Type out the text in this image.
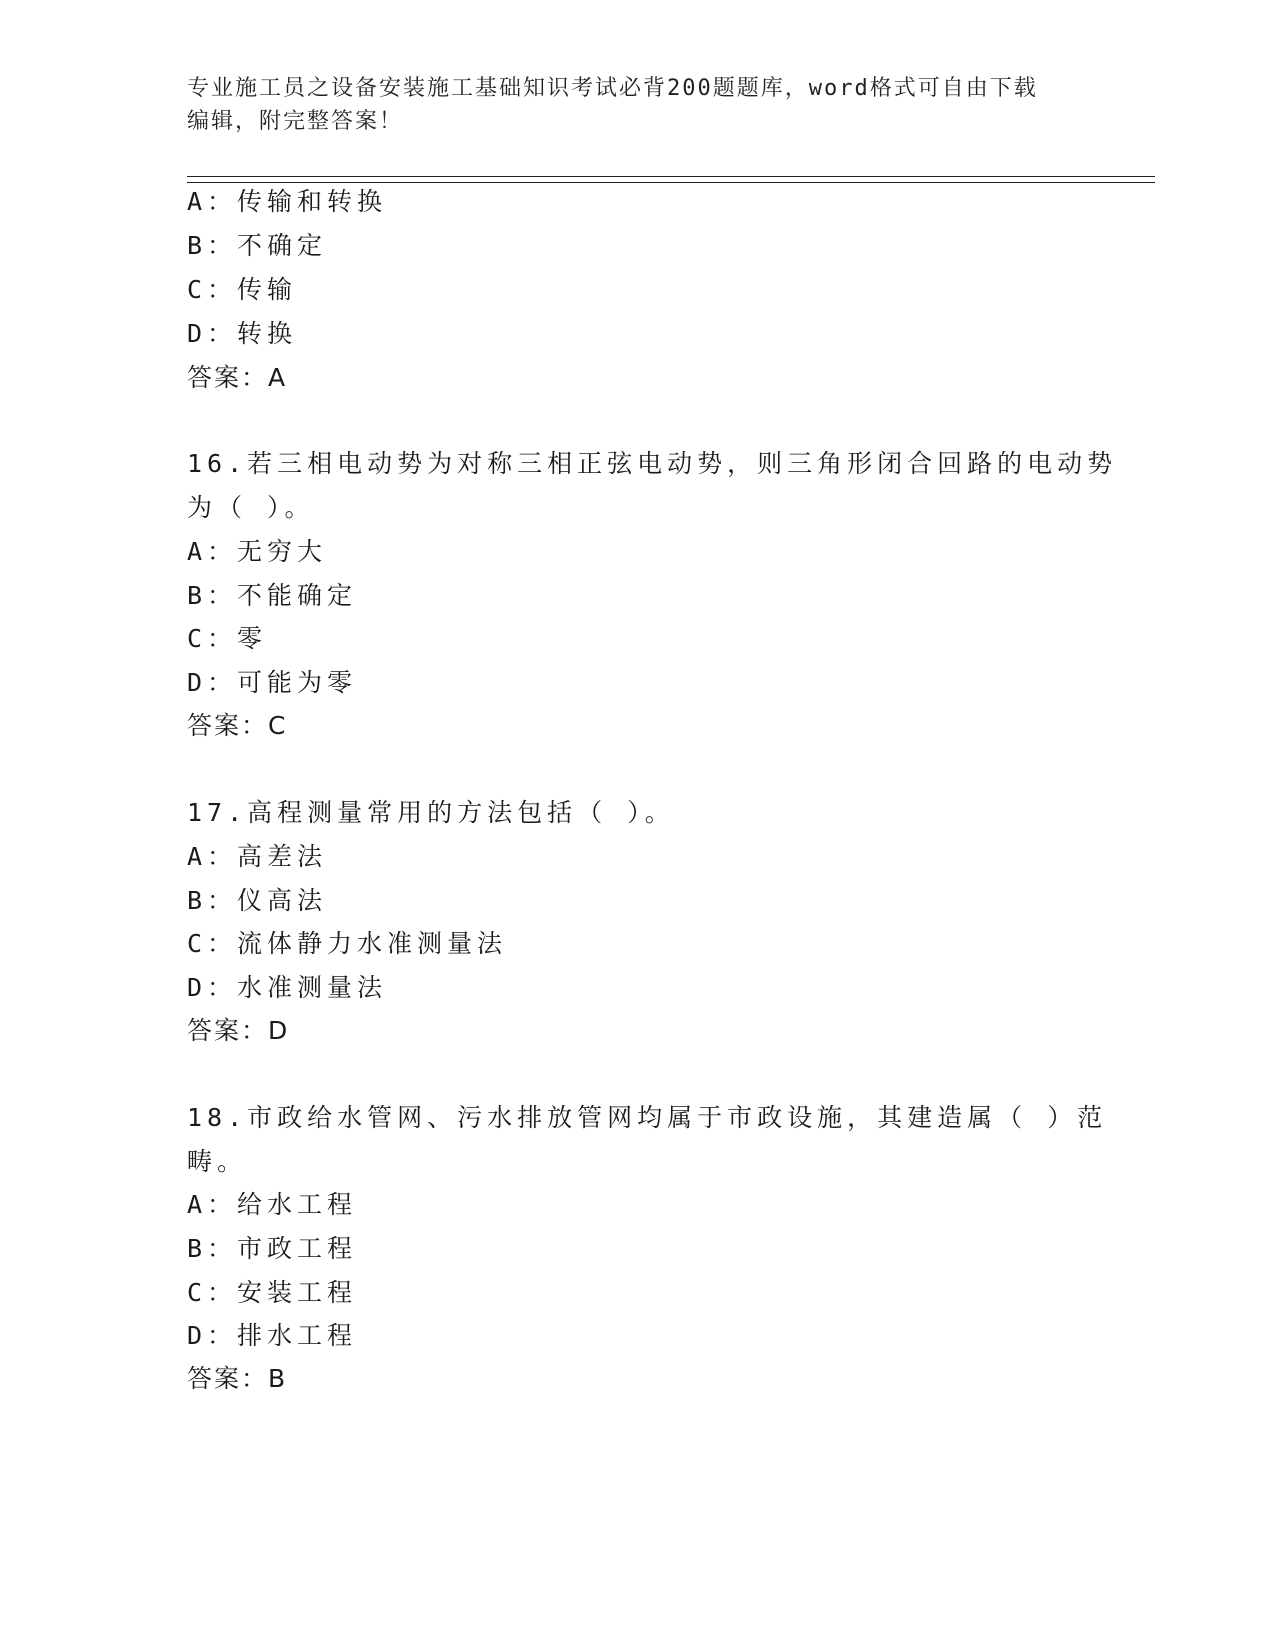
专业施工员之设备安装施工基础知识考试必背200题题库，word格式可自由下载
编辑，附完整答案！
A：传输和转换
B：不确定
C：传输
D：转换
答案：A
16.若三相电动势为对称三相正弦电动势，则三角形闭合回路的电动势
为（ ）。
A：无穷大
B：不能确定
C：零
D：可能为零
答案：C
17.高程测量常用的方法包括（ ）。
A：高差法
B：仪高法
C：流体静力水准测量法
D：水准测量法
答案：D
18.市政给水管网、污水排放管网均属于市政设施，其建造属（ ）范
畴。
A：给水工程
B：市政工程
C：安装工程
D：排水工程
答案：B
